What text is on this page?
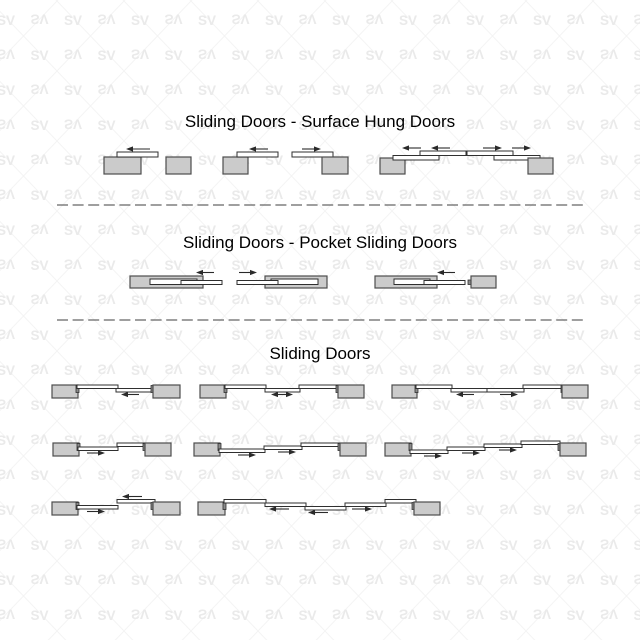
Sliding Doors - Surface Hung Doors
Sliding Doors - Pocket Sliding Doors
Sliding Doors
